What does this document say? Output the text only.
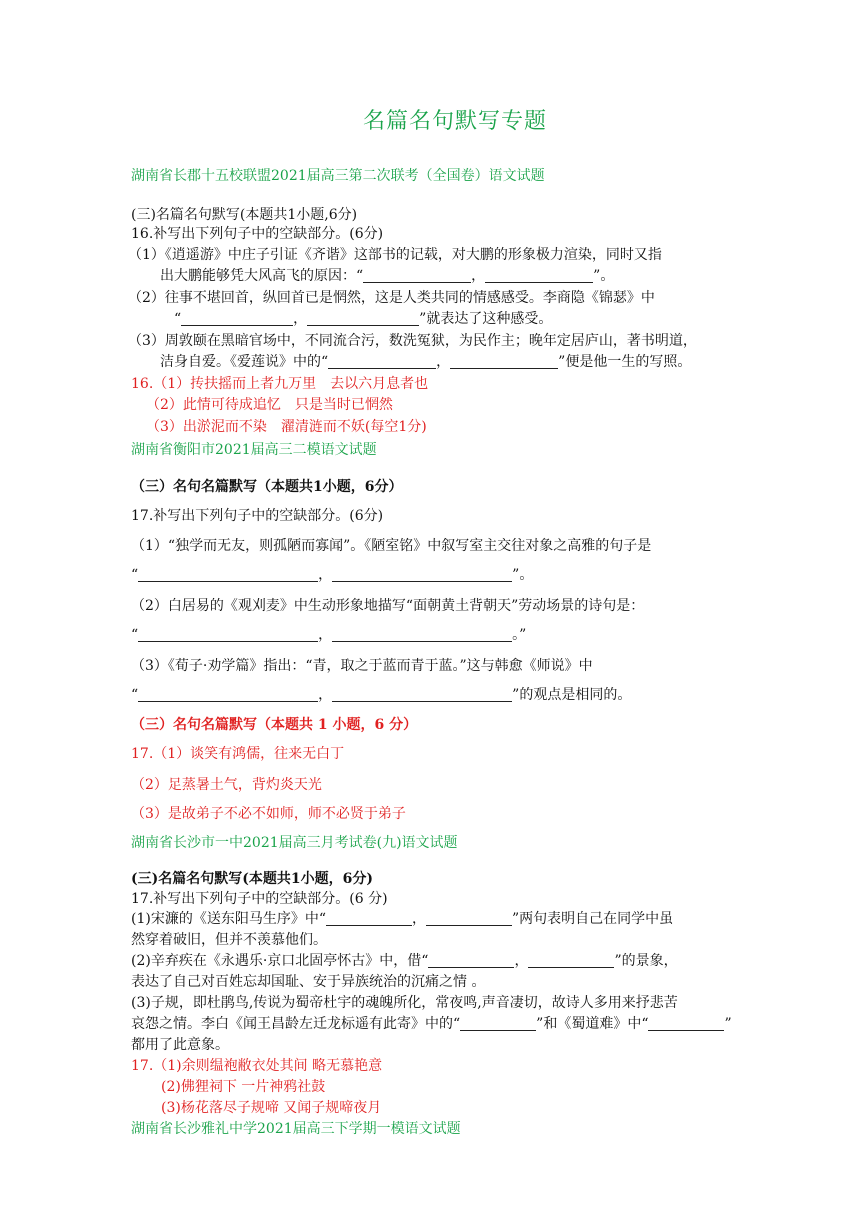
名篇名句默写专题
湖南省长郡十五校联盟2021届高三第二次联考（全国卷）语文试题
(三)名篇名句默写(本题共1小题,6分)
16.补写出下列句子中的空缺部分。(6分)
（1）《逍遥游》中庄子引证《齐谐》这部书的记载，对大鹏的形象极力渲染，同时又指
出大鹏能够凭大风高飞的原因：“	，	”。
（2）往事不堪回首，纵回首已是惘然，这是人类共同的情感感受。李商隐《锦瑟》中
“	，	”就表达了这种感受。
（3）周敦颐在黑暗官场中，不同流合污，数洗冤狱，为民作主；晚年定居庐山，著书明道，
洁身自爱。《爱莲说》中的“	，	”便是他一生的写照。
16.（1）抟扶摇而上者九万里　去以六月息者也
（2）此情可待成追忆　只是当时已惘然
（3）出淤泥而不染　濯清涟而不妖(每空1分)
湖南省衡阳市2021届高三二模语文试题
（三）名句名篇默写（本题共1小题，6分）
17.补写出下列句子中的空缺部分。(6分)
（1）“独学而无友，则孤陋而寡闻”。《陋室铭》中叙写室主交往对象之高雅的句子是
“	，	”。
（2）白居易的《观刈麦》中生动形象地描写“面朝黄土背朝天”劳动场景的诗句是：
“	，	。”
（3）《荀子·劝学篇》指出：“青，取之于蓝而青于蓝。”这与韩愈《师说》中
“	，	”的观点是相同的。
（三）名句名篇默写（本题共 1 小题，6 分）
17.（1）谈笑有鸿儒，往来无白丁
（2）足蒸暑土气，背灼炎天光
（3）是故弟子不必不如师，师不必贤于弟子
湖南省长沙市一中2021届高三月考试卷(九)语文试题
(三)名篇名句默写(本题共1小题，6分)
17.补写出下列句子中的空缺部分。(6 分)
(1)宋濂的《送东阳马生序》中“	，	”两句表明自己在同学中虽
然穿着破旧，但并不羡慕他们。
(2)辛弃疾在《永遇乐·京口北固亭怀古》中，借“	，	”的景象，
表达了自己对百姓忘却国耻、安于异族统治的沉痛之情 。
(3)子规，即杜鹃鸟,传说为蜀帝杜宇的魂魄所化，常夜鸣,声音凄切，故诗人多用来抒悲苦
哀怨之情。李白《闻王昌龄左迁龙标遥有此寄》中的“	”和《蜀道难》中“	”
都用了此意象。
17.（1)余则缊袍敝衣处其间 略无慕艳意
(2)佛狸祠下 一片神鸦社鼓
(3)杨花落尽子规啼 又闻子规啼夜月
湖南省长沙雅礼中学2021届高三下学期一模语文试题
